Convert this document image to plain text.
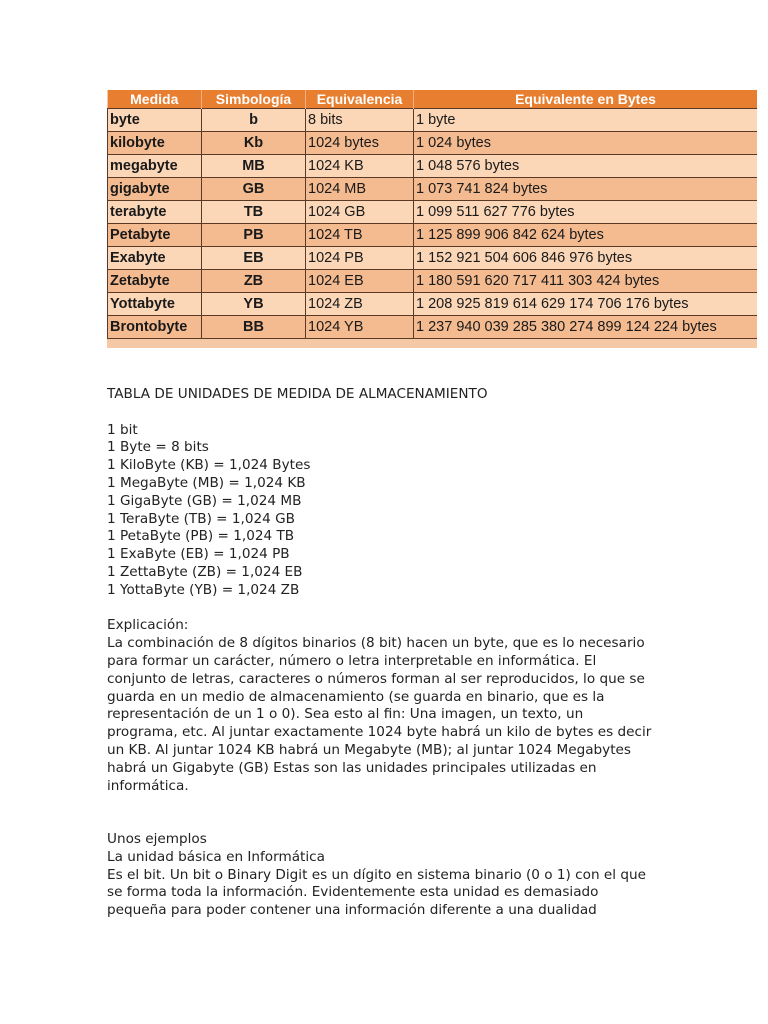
Medida	Simbología	Equivalencia	Equivalente en Bytes
byte	b	8 bits	1 byte
kilobyte	Kb	1024 bytes	1 024 bytes
megabyte	MB	1024 KB	1 048 576 bytes
gigabyte	GB	1024 MB	1 073 741 824 bytes
terabyte	TB	1024 GB	1 099 511 627 776 bytes
Petabyte	PB	1024 TB	1 125 899 906 842 624 bytes
Exabyte	EB	1024 PB	1 152 921 504 606 846 976 bytes
Zetabyte	ZB	1024 EB	1 180 591 620 717 411 303 424 bytes
Yottabyte	YB	1024 ZB	1 208 925 819 614 629 174 706 176 bytes
Brontobyte	BB	1024 YB	1 237 940 039 285 380 274 899 124 224 bytes

TABLA DE UNIDADES DE MEDIDA DE ALMACENAMIENTO

1 bit

1 Byte = 8 bits

1 KiloByte (KB) = 1,024 Bytes

1 MegaByte (MB) = 1,024 KB

1 GigaByte (GB) = 1,024 MB

1 TeraByte (TB) = 1,024 GB

1 PetaByte (PB) = 1,024 TB

1 ExaByte (EB) = 1,024 PB

1 ZettaByte (ZB) = 1,024 EB

1 YottaByte (YB) = 1,024 ZB

Explicación:

La combinación de 8 dígitos binarios (8 bit) hacen un byte, que es lo necesario

para formar un carácter, número o letra interpretable en informática. El

conjunto de letras, caracteres o números forman al ser reproducidos, lo que se

guarda en un medio de almacenamiento (se guarda en binario, que es la

representación de un 1 o 0). Sea esto al fin: Una imagen, un texto, un

programa, etc. Al juntar exactamente 1024 byte habrá un kilo de bytes es decir

un KB. Al juntar 1024 KB habrá un Megabyte (MB); al juntar 1024 Megabytes

habrá un Gigabyte (GB) Estas son las unidades principales utilizadas en

informática.

Unos ejemplos

La unidad básica en Informática

Es el bit. Un bit o Binary Digit es un dígito en sistema binario (0 o 1) con el que

se forma toda la información. Evidentemente esta unidad es demasiado

pequeña para poder contener una información diferente a una dualidad
